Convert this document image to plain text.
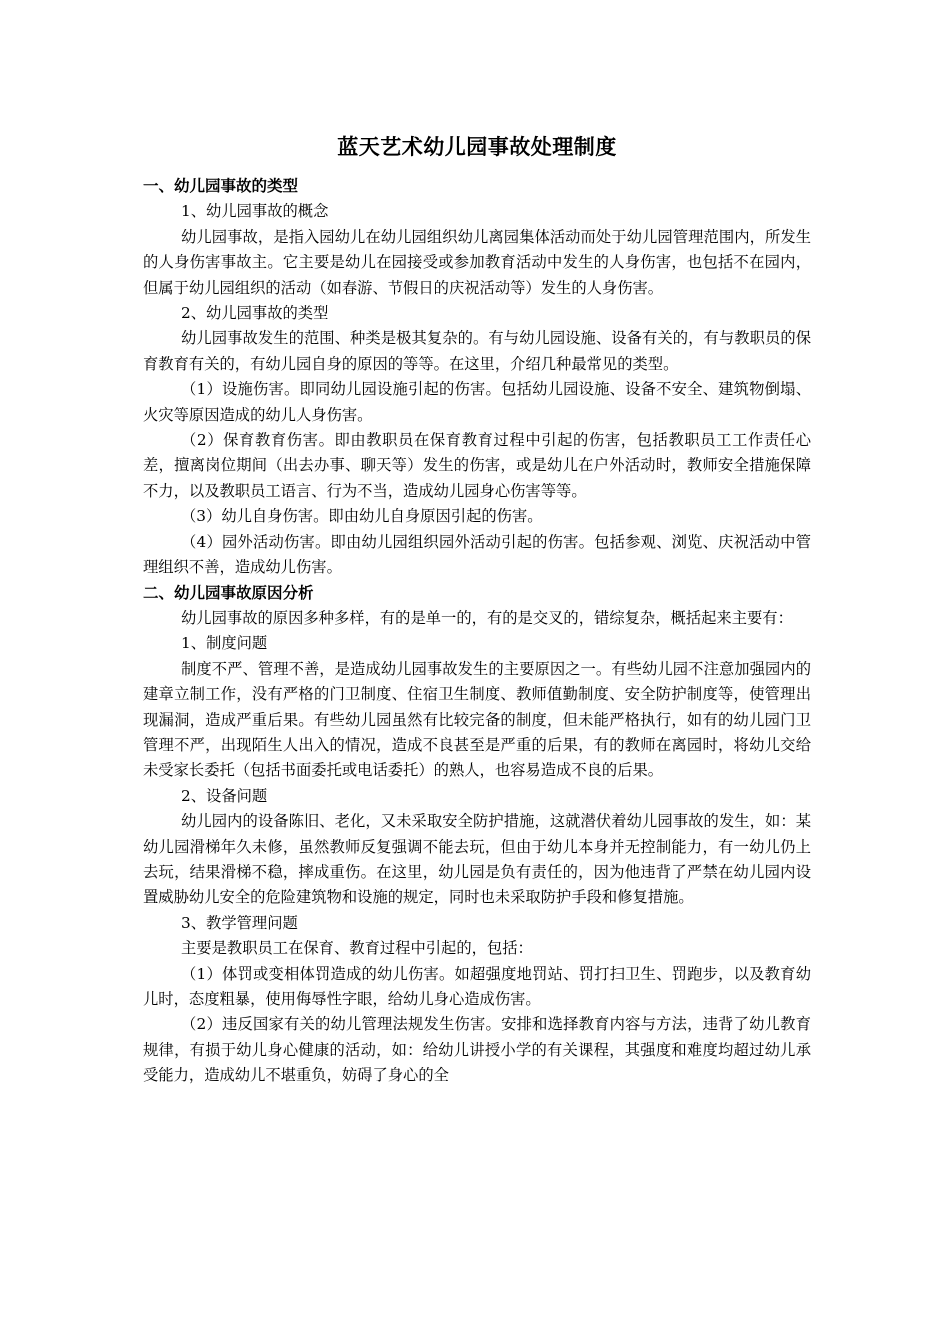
蓝天艺术幼儿园事故处理制度

一、幼儿园事故的类型

1、幼儿园事故的概念

幼儿园事故，是指入园幼儿在幼儿园组织幼儿离园集体活动而处于幼儿园管理范围内，所发生的人身伤害事故主。它主要是幼儿在园接受或参加教育活动中发生的人身伤害，也包括不在园内，但属于幼儿园组织的活动（如春游、节假日的庆祝活动等）发生的人身伤害。

2、幼儿园事故的类型

幼儿园事故发生的范围、种类是极其复杂的。有与幼儿园设施、设备有关的，有与教职员的保育教育有关的，有幼儿园自身的原因的等等。在这里，介绍几种最常见的类型。

（1）设施伤害。即同幼儿园设施引起的伤害。包括幼儿园设施、设备不安全、建筑物倒塌、火灾等原因造成的幼儿人身伤害。

（2）保育教育伤害。即由教职员在保育教育过程中引起的伤害，包括教职员工工作责任心差，擅离岗位期间（出去办事、聊天等）发生的伤害，或是幼儿在户外活动时，教师安全措施保障不力，以及教职员工语言、行为不当，造成幼儿园身心伤害等等。

（3）幼儿自身伤害。即由幼儿自身原因引起的伤害。

（4）园外活动伤害。即由幼儿园组织园外活动引起的伤害。包括参观、浏览、庆祝活动中管理组织不善，造成幼儿伤害。

二、幼儿园事故原因分析

幼儿园事故的原因多种多样，有的是单一的，有的是交叉的，错综复杂，概括起来主要有：

1、制度问题

制度不严、管理不善，是造成幼儿园事故发生的主要原因之一。有些幼儿园不注意加强园内的建章立制工作，没有严格的门卫制度、住宿卫生制度、教师值勤制度、安全防护制度等，使管理出现漏洞，造成严重后果。有些幼儿园虽然有比较完备的制度，但未能严格执行，如有的幼儿园门卫管理不严，出现陌生人出入的情况，造成不良甚至是严重的后果，有的教师在离园时，将幼儿交给未受家长委托（包括书面委托或电话委托）的熟人，也容易造成不良的后果。

2、设备问题

幼儿园内的设备陈旧、老化，又未采取安全防护措施，这就潜伏着幼儿园事故的发生，如：某幼儿园滑梯年久未修，虽然教师反复强调不能去玩，但由于幼儿本身并无控制能力，有一幼儿仍上去玩，结果滑梯不稳，摔成重伤。在这里，幼儿园是负有责任的，因为他违背了严禁在幼儿园内设置威胁幼儿安全的危险建筑物和设施的规定，同时也未采取防护手段和修复措施。

3、教学管理问题

主要是教职员工在保育、教育过程中引起的，包括：

（1）体罚或变相体罚造成的幼儿伤害。如超强度地罚站、罚打扫卫生、罚跑步，以及教育幼儿时，态度粗暴，使用侮辱性字眼，给幼儿身心造成伤害。

（2）违反国家有关的幼儿管理法规发生伤害。安排和选择教育内容与方法，违背了幼儿教育规律，有损于幼儿身心健康的活动，如：给幼儿讲授小学的有关课程，其强度和难度均超过幼儿承受能力，造成幼儿不堪重负，妨碍了身心的全
